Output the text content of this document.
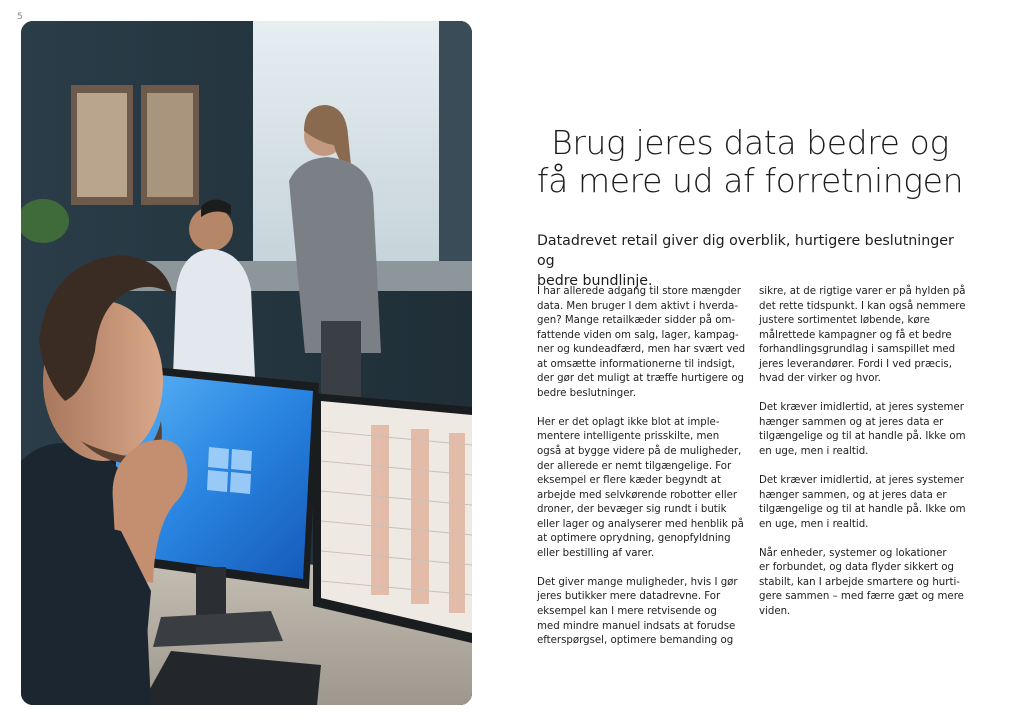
5
Brug jeres data bedre og
få mere ud af forretningen
Datadrevet retail giver dig overblik, hurtigere beslutninger og
bedre bundlinje.
I har allerede adgang til store mængder
data. Men bruger I dem aktivt i hverda-
gen? Mange retailkæder sidder på om-
fattende viden om salg, lager, kampag-
ner og kundeadfærd, men har svært ved
at omsætte informationerne til indsigt,
der gør det muligt at træffe hurtigere og
bedre beslutninger.
Her er det oplagt ikke blot at imple-
mentere intelligente prisskilte, men
også at bygge videre på de muligheder,
der allerede er nemt tilgængelige. For
eksempel er flere kæder begyndt at
arbejde med selvkørende robotter eller
droner, der bevæger sig rundt i butik
eller lager og analyserer med henblik på
at optimere oprydning, genopfyldning
eller bestilling af varer.
Det giver mange muligheder, hvis I gør
jeres butikker mere datadrevne. For
eksempel kan I mere retvisende og
med mindre manuel indsats at forudse
efterspørgsel, optimere bemanding og
sikre, at de rigtige varer er på hylden på
det rette tidspunkt. I kan også nemmere
justere sortimentet løbende, køre
målrettede kampagner og få et bedre
forhandlingsgrundlag i samspillet med
jeres leverandører. Fordi I ved præcis,
hvad der virker og hvor.
Det kræver imidlertid, at jeres systemer
hænger sammen og at jeres data er
tilgængelige og til at handle på. Ikke om
en uge, men i realtid.
Det kræver imidlertid, at jeres systemer
hænger sammen, og at jeres data er
tilgængelige og til at handle på. Ikke om
en uge, men i realtid.
Når enheder, systemer og lokationer
er forbundet, og data flyder sikkert og
stabilt, kan I arbejde smartere og hurti-
gere sammen – med færre gæt og mere
viden.
